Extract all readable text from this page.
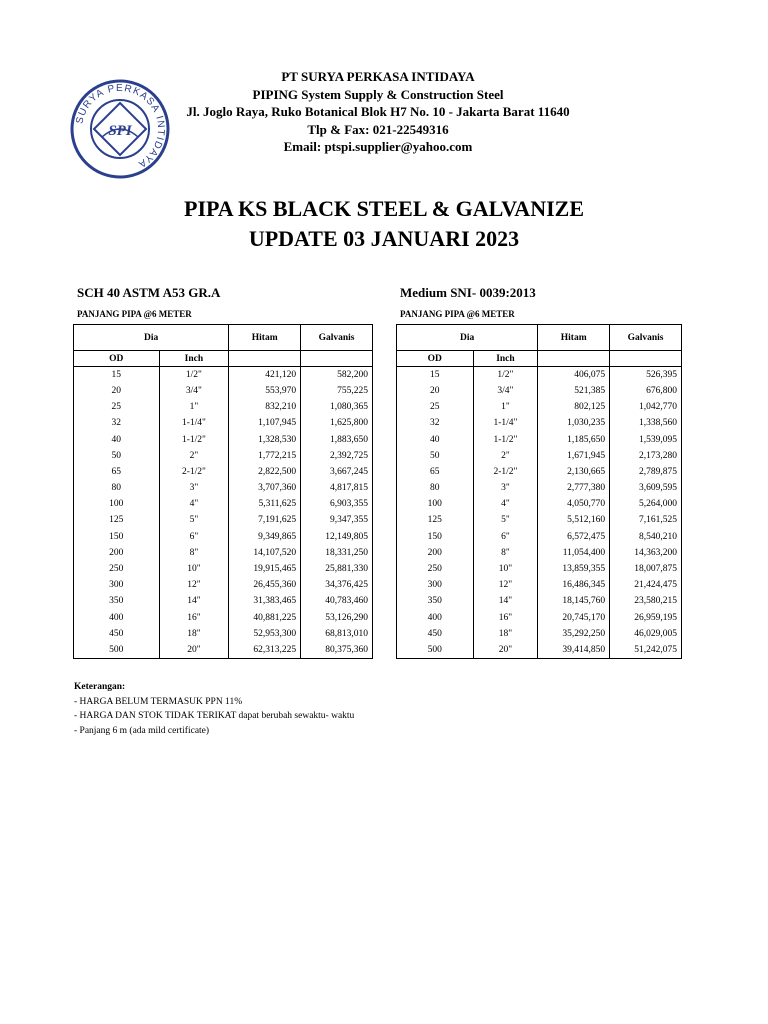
SURYA PERKASA INTIDAYA
SPI
PT SURYA PERKASA INTIDAYA
PIPING System Supply & Construction Steel
Jl. Joglo Raya, Ruko Botanical Blok H7 No. 10 - Jakarta Barat 11640
Tlp & Fax: 021-22549316
Email: ptspi.supplier@yahoo.com
PIPA KS BLACK STEEL & GALVANIZE
UPDATE 03 JANUARI 2023
SCH 40 ASTM A53 GR.A
PANJANG PIPA @6 METER
Medium SNI- 0039:2013
PANJANG PIPA @6 METER
Dia		Hitam	Galvanis
OD	Inch		
15	1/2"	421,120	582,200
20	3/4"	553,970	755,225
25	1"	832,210	1,080,365
32	1-1/4"	1,107,945	1,625,800
40	1-1/2"	1,328,530	1,883,650
50	2"	1,772,215	2,392,725
65	2-1/2"	2,822,500	3,667,245
80	3"	3,707,360	4,817,815
100	4"	5,311,625	6,903,355
125	5"	7,191,625	9,347,355
150	6"	9,349,865	12,149,805
200	8"	14,107,520	18,331,250
250	10"	19,915,465	25,881,330
300	12"	26,455,360	34,376,425
350	14"	31,383,465	40,783,460
400	16"	40,881,225	53,126,290
450	18"	52,953,300	68,813,010
500	20"	62,313,225	80,375,360
Dia		Hitam	Galvanis
OD	Inch		
15	1/2"	406,075	526,395
20	3/4"	521,385	676,800
25	1"	802,125	1,042,770
32	1-1/4"	1,030,235	1,338,560
40	1-1/2"	1,185,650	1,539,095
50	2"	1,671,945	2,173,280
65	2-1/2"	2,130,665	2,789,875
80	3"	2,777,380	3,609,595
100	4"	4,050,770	5,264,000
125	5"	5,512,160	7,161,525
150	6"	6,572,475	8,540,210
200	8"	11,054,400	14,363,200
250	10"	13,859,355	18,007,875
300	12"	16,486,345	21,424,475
350	14"	18,145,760	23,580,215
400	16"	20,745,170	26,959,195
450	18"	35,292,250	46,029,005
500	20"	39,414,850	51,242,075
Keterangan:
- HARGA BELUM TERMASUK PPN 11%
- HARGA DAN STOK TIDAK TERIKAT dapat berubah sewaktu- waktu
- Panjang 6 m (ada mild certificate)
